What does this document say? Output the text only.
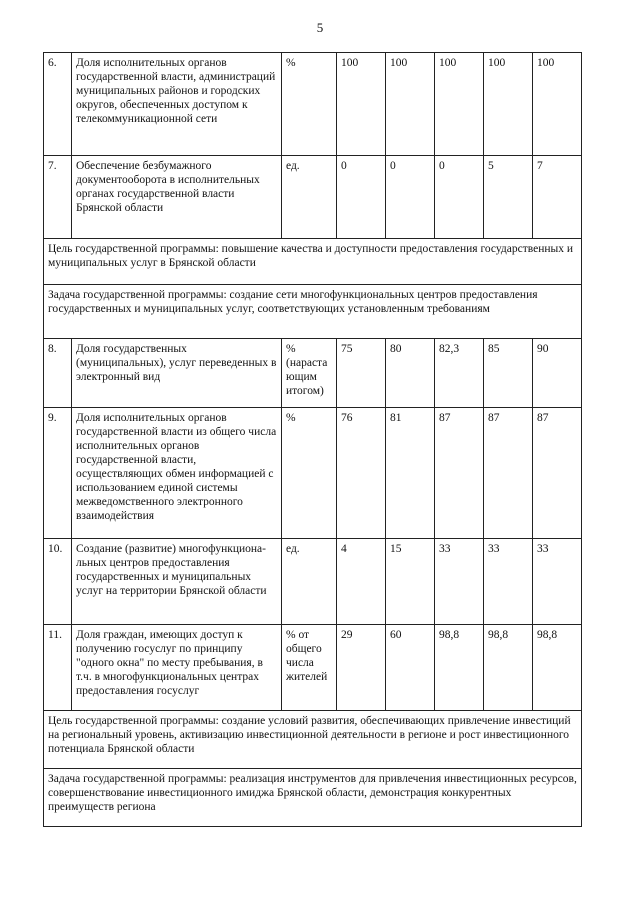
5
6.	Доля исполнительных органов государственной власти, администраций муниципальных районов и городских округов, обеспеченных доступом к телекоммуникационной сети	%	100	100	100	100	100
7.	Обеспечение безбумажного документооборота в исполнительных органах государственной власти Брянской области	ед.	0	0	0	5	7
Цель государственной программы: повышение качества и доступности предоставления государственных и муниципальных услуг в Брянской области							
Задача государственной программы: создание сети многофункциональных центров предоставления государственных и муниципальных услуг, соответствующих установленным требованиям							
8.	Доля государственных (муниципальных), услуг переведенных в электронный вид	% (нараста ющим итогом)	75	80	82,3	85	90
9.	Доля исполнительных органов государственной власти из общего числа исполнительных органов государственной власти, осуществляющих обмен информацией с использованием единой системы межведомственного электронного взаимодействия	%	76	81	87	87	87
10.	Создание (развитие) многофункциона-льных центров предоставления государственных и муниципальных услуг на территории Брянской области	ед.	4	15	33	33	33
11.	Доля граждан, имеющих доступ к получению госуслуг по принципу "одного окна" по месту пребывания, в т.ч. в многофункциональных центрах предоставления госуслуг	% от общего числа жителей	29	60	98,8	98,8	98,8
Цель государственной программы: создание условий развития, обеспечивающих привлечение инвестиций на региональный уровень, активизацию инвестиционной деятельности в регионе и рост инвестиционного потенциала Брянской области							
Задача государственной программы: реализация инструментов для привлечения инвестиционных ресурсов, совершенствование инвестиционного имиджа Брянской области, демонстрация конкурентных преимуществ региона							
